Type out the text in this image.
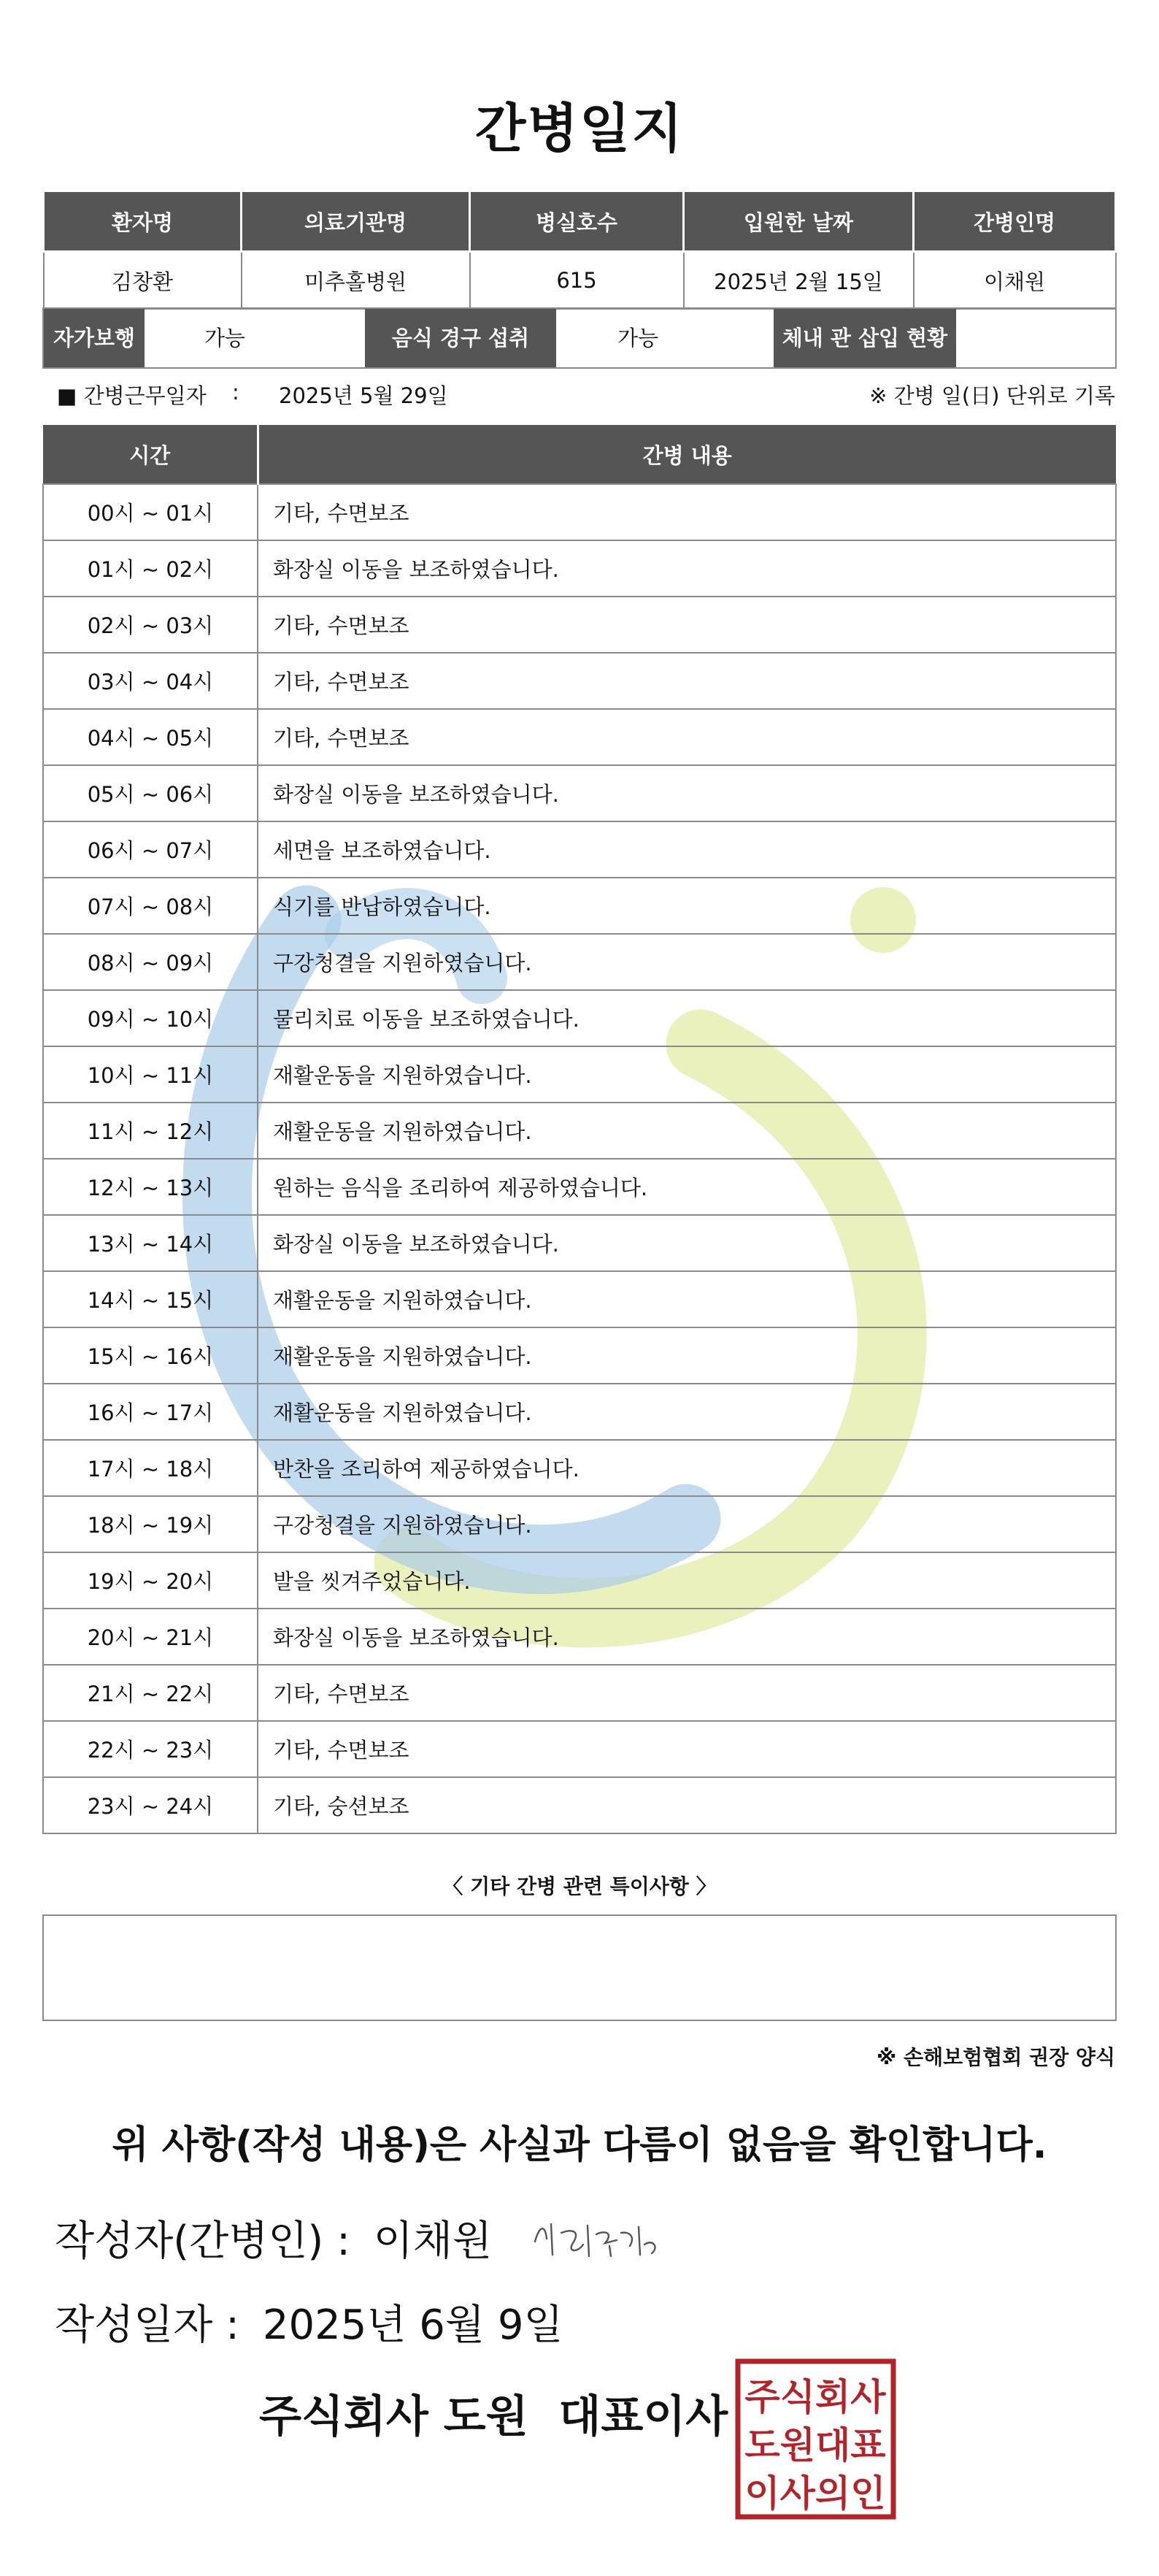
간병일지
환자명	의료기관명	병실호수	입원한 날짜	간병인명
김창환	미추홀병원	615	2025년 2월 15일	이채원
자가보행	가능	음식 경구 섭취	가능	체내 관 삽입 현황
■ 간병근무일자 : 2025년 5월 29일	※ 간병 일(日) 단위로 기록
시간	간병 내용
00시 ~ 01시	기타, 수면보조
01시 ~ 02시	화장실 이동을 보조하였습니다.
02시 ~ 03시	기타, 수면보조
03시 ~ 04시	기타, 수면보조
04시 ~ 05시	기타, 수면보조
05시 ~ 06시	화장실 이동을 보조하였습니다.
06시 ~ 07시	세면을 보조하였습니다.
07시 ~ 08시	식기를 반납하였습니다.
08시 ~ 09시	구강청결을 지원하였습니다.
09시 ~ 10시	물리치료 이동을 보조하였습니다.
10시 ~ 11시	재활운동을 지원하였습니다.
11시 ~ 12시	재활운동을 지원하였습니다.
12시 ~ 13시	원하는 음식을 조리하여 제공하였습니다.
13시 ~ 14시	화장실 이동을 보조하였습니다.
14시 ~ 15시	재활운동을 지원하였습니다.
15시 ~ 16시	재활운동을 지원하였습니다.
16시 ~ 17시	재활운동을 지원하였습니다.
17시 ~ 18시	반찬을 조리하여 제공하였습니다.
18시 ~ 19시	구강청결을 지원하였습니다.
19시 ~ 20시	발을 씻겨주었습니다.
20시 ~ 21시	화장실 이동을 보조하였습니다.
21시 ~ 22시	기타, 수면보조
22시 ~ 23시	기타, 수면보조
23시 ~ 24시	기타, 숭션보조
〈 기타 간병 관련 특이사항 〉
※ 손해보험협회 권장 양식
위 사항(작성 내용)은 사실과 다름이 없음을 확인합니다.
작성자(간병인) : 이채원
작성일자 : 2025년 6월 9일
주식회사 도원  대표이사 주식회사
도원대표
이사의인
